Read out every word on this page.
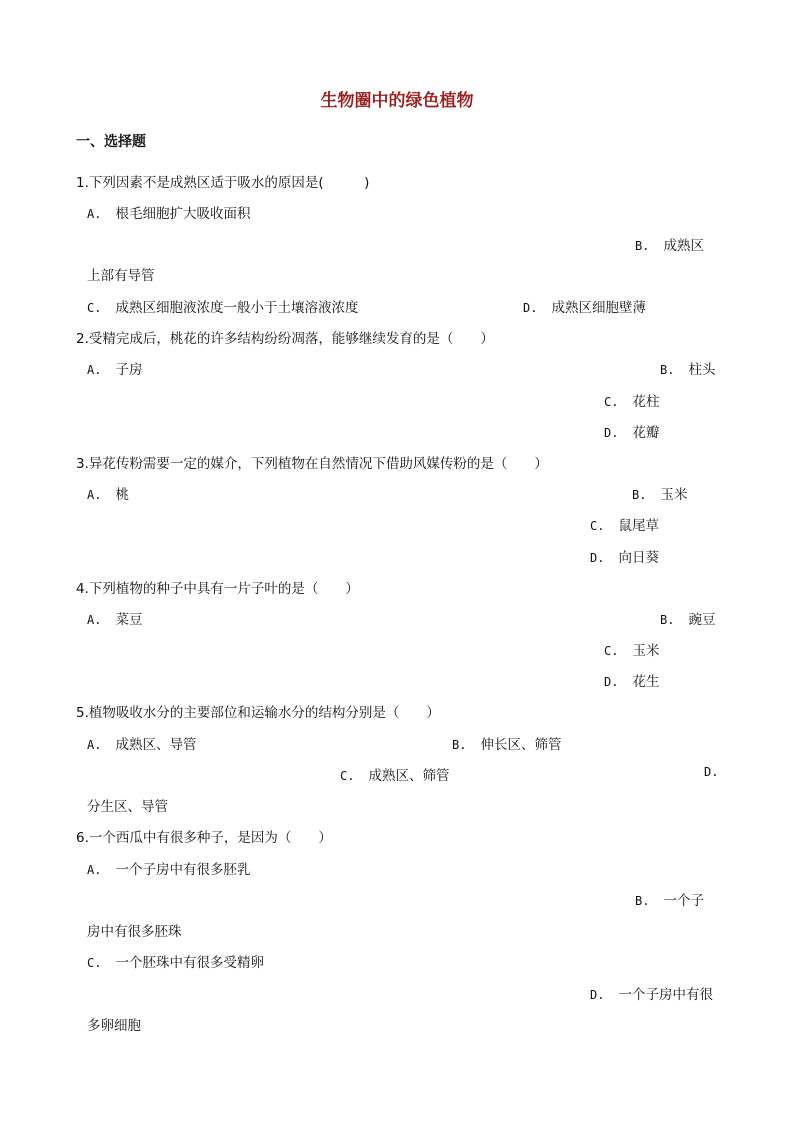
生物圈中的绿色植物
一、选择题
1.下列因素不是成熟区适于吸水的原因是(　　　)
A. 根毛细胞扩大吸收面积
B. 成熟区
上部有导管
C. 成熟区细胞液浓度一般小于土壤溶液浓度	D. 成熟区细胞壁薄
2.受精完成后，桃花的许多结构纷纷凋落，能够继续发育的是（　　）
A. 子房	B. 柱头
C. 花柱
D. 花瓣
3.异花传粉需要一定的媒介，下列植物在自然情况下借助风媒传粉的是（　　）
A. 桃	B. 玉米
C. 鼠尾草
D. 向日葵
4.下列植物的种子中具有一片子叶的是（　　）
A. 菜豆	B. 豌豆
C. 玉米
D. 花生
5.植物吸收水分的主要部位和运输水分的结构分别是（　　）
A. 成熟区、导管	B. 伸长区、筛管
C. 成熟区、筛管	D.
分生区、导管
6.一个西瓜中有很多种子，是因为（　　）
A. 一个子房中有很多胚乳
B. 一个子
房中有很多胚珠
C. 一个胚珠中有很多受精卵
D. 一个子房中有很
多卵细胞
